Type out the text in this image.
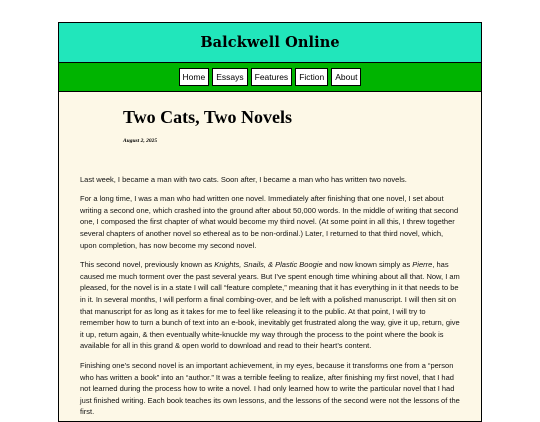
Balckwell Online
Home	Essays	Features	Fiction	About
Two Cats, Two Novels
August 2, 2025

Last week, I became a man with two cats. Soon after, I became a man who has written two novels.

For a long time, I was a man who had written one novel. Immediately after finishing that one novel, I set about writing a second one, which crashed into the ground after about 50,000 words. In the middle of writing that second one, I composed the first chapter of what would become my third novel. (At some point in all this, I threw together several chapters of another novel so ethereal as to be non-ordinal.) Later, I returned to that third novel, which, upon completion, has now become my second novel.

This second novel, previously known as Knights, Snails, & Plastic Boogie and now known simply as Pierre, has caused me much torment over the past several years. But I’ve spent enough time whining about all that. Now, I am pleased, for the novel is in a state I will call “feature complete,” meaning that it has everything in it that needs to be in it. In several months, I will perform a final combing-over, and be left with a polished manuscript. I will then sit on that manuscript for as long as it takes for me to feel like releasing it to the public. At that point, I will try to remember how to turn a bunch of text into an e-book, inevitably get frustrated along the way, give it up, return, give it up, return again, & then eventually white-knuckle my way through the process to the point where the book is available for all in this grand & open world to download and read to their heart’s content.

Finishing one’s second novel is an important achievement, in my eyes, because it transforms one from a “person who has written a book” into an “author.” It was a terrible feeling to realize, after finishing my first novel, that I had not learned during the process how to write a novel. I had only learned how to write the particular novel that I had just finished writing. Each book teaches its own lessons, and the lessons of the second were not the lessons of the first.
